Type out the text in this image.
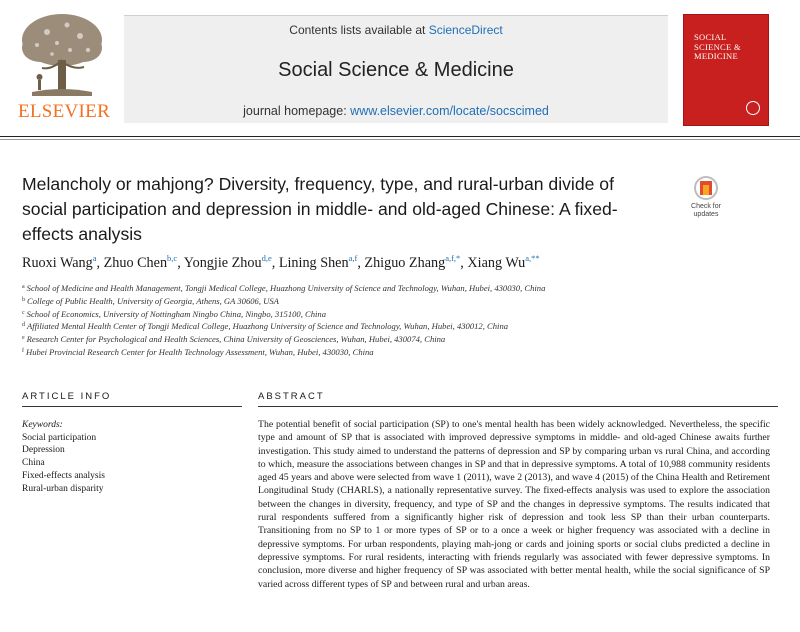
ELSEVIER
Contents lists available at ScienceDirect
Social Science & Medicine
journal homepage: www.elsevier.com/locate/socscimed
SOCIAL SCIENCE & MEDICINE
Melancholy or mahjong? Diversity, frequency, type, and rural-urban divide of social participation and depression in middle- and old-aged Chinese: A fixed-effects analysis
Check for updates
Ruoxi Wang$^a$, Zhuo Chen$^{b,c}$, Yongjie Zhou$^{d,e}$, Lining Shen$^{a,f}$, Zhiguo Zhang$^{a,f,*}$, Xiang $Wu^{a,**}$
$^a$ School of Medicine and Health Management, Tongji Medical College, Huazhong University of Science and Technology, Wuhan, Hubei, 430030, China
$^b$ College of Public Health, University of Georgia, Athens, GA 30606, USA
$^c$ School of Economics, University of Nottingham Ningbo China, Ningbo, 315100, China
$^d$ Affiliated Mental Health Center of Tongji Medical College, Huazhong University of Science and Technology, Wuhan, Hubei, 430012, China
$^e$ Research Center for Psychological and Health Sciences, China University of Geosciences, Wuhan, Hubei, 430074, China
$^f$ Hubei Provincial Research Center for Health Technology Assessment, Wuhan, Hubei, 430030, China
ARTICLE INFO
Keywords:
Social participation
Depression
China
Fixed-effects analysis
Rural-urban disparity
ABSTRACT
The potential benefit of social participation (SP) to one's mental health has been widely acknowledged. Nevertheless, the specific type and amount of SP that is associated with improved depressive symptoms in middle- and old-aged Chinese awaits further investigation. This study aimed to understand the patterns of depression and SP by comparing urban vs rural China, and according to which, measure the associations between changes in SP and that in depressive symptoms. A total of 10,988 community residents aged 45 years and above were selected from wave 1 (2011), wave 2 (2013), and wave 4 (2015) of the China Health and Retirement Longitudinal Study (CHARLS), a nationally representative survey. The fixed-effects analysis was used to explore the association between the changes in diversity, frequency, and type of SP and the changes in depressive symptoms. The results indicated that rural respondents suffered from a significantly higher risk of depression and took less SP than their urban counterparts. Transitioning from no SP to 1 or more types of SP or to a once a week or higher frequency was associated with a decline in depressive symptoms. For urban respondents, playing mah-jong or cards and joining sports or social clubs predicted a decline in depressive symptoms. For rural residents, interacting with friends regularly was associated with fewer depressive symptoms. In conclusion, more diverse and higher frequency of SP was associated with better mental health, while the social significance of SP varied across different types of SP and between rural and urban areas.
